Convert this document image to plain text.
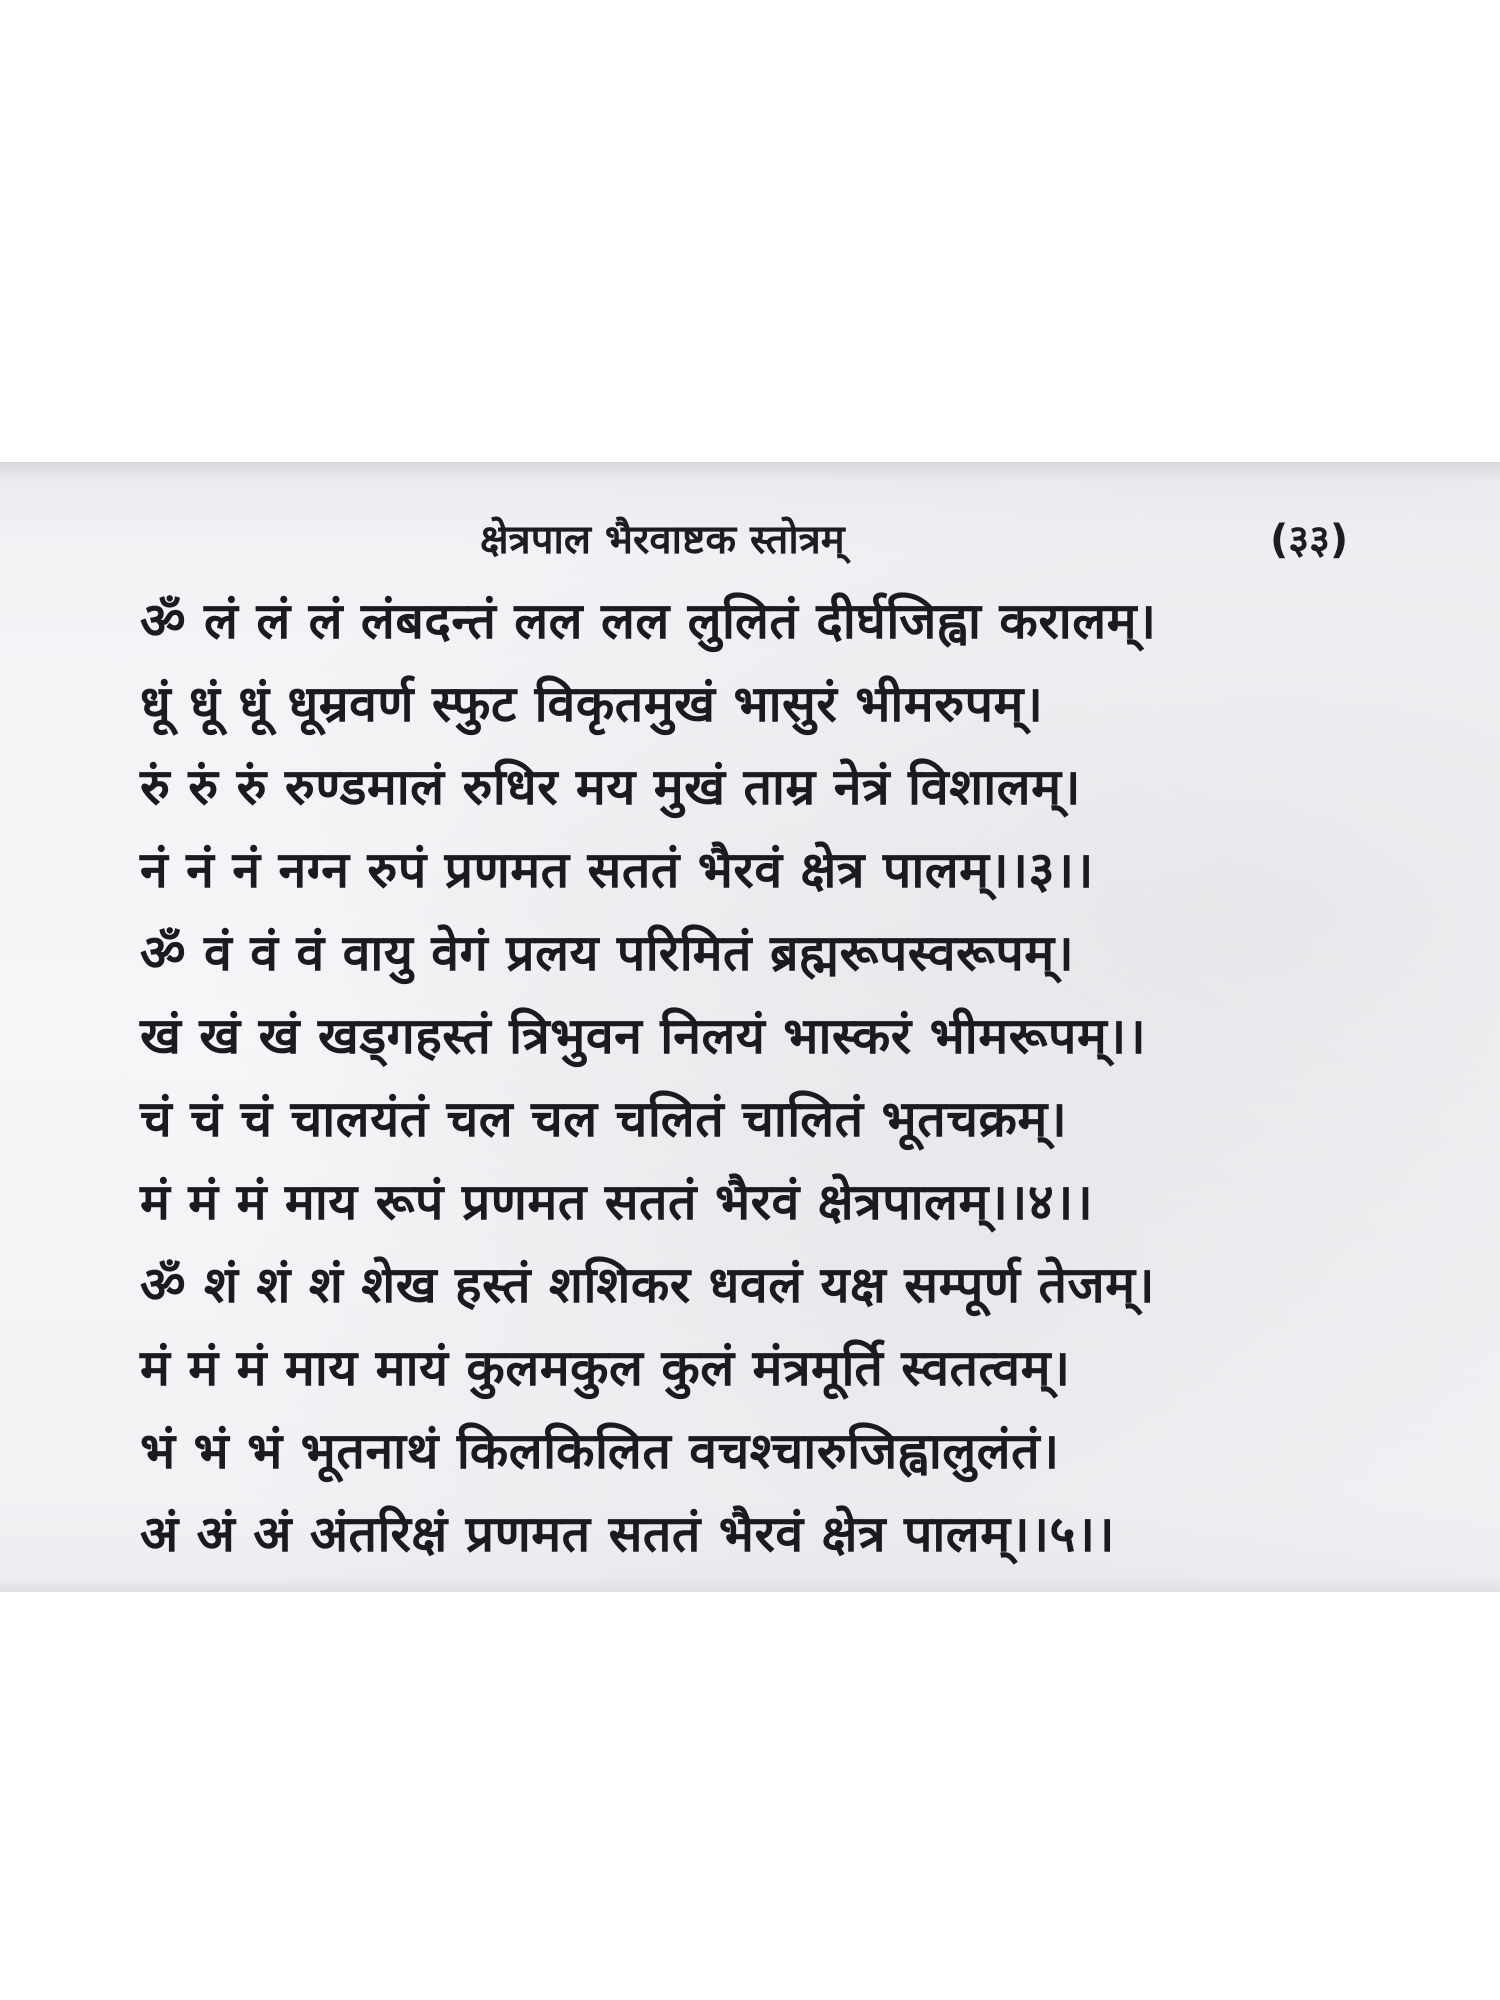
क्षेत्रपाल भैरवाष्टक स्तोत्रम्	(३३)
ॐ लं लं लं लंबदन्तं लल लल लुलितं दीर्घजिह्वा करालम्।
धूं धूं धूं धूम्रवर्ण स्फुट विकृतमुखं भासुरं भीमरुपम्।
रुं रुं रुं रुण्डमालं रुधिर मय मुखं ताम्र नेत्रं विशालम्।
नं नं नं नग्न रुपं प्रणमत सततं भैरवं क्षेत्र पालम्।।३।।
ॐ वं वं वं वायु वेगं प्रलय परिमितं ब्रह्मरूपस्वरूपम्।
खं खं खं खड्गहस्तं त्रिभुवन निलयं भास्करं भीमरूपम्।।
चं चं चं चालयंतं चल चल चलितं चालितं भूतचक्रम्।
मं मं मं माय रूपं प्रणमत सततं भैरवं क्षेत्रपालम्।।४।।
ॐ शं शं शं शेख हस्तं शशिकर धवलं यक्ष सम्पूर्ण तेजम्।
मं मं मं माय मायं कुलमकुल कुलं मंत्रमूर्ति स्वतत्वम्।
भं भं भं भूतनाथं किलकिलित वचश्चारुजिह्वालुलंतं।
अं अं अं अंतरिक्षं प्रणमत सततं भैरवं क्षेत्र पालम्।।५।।
